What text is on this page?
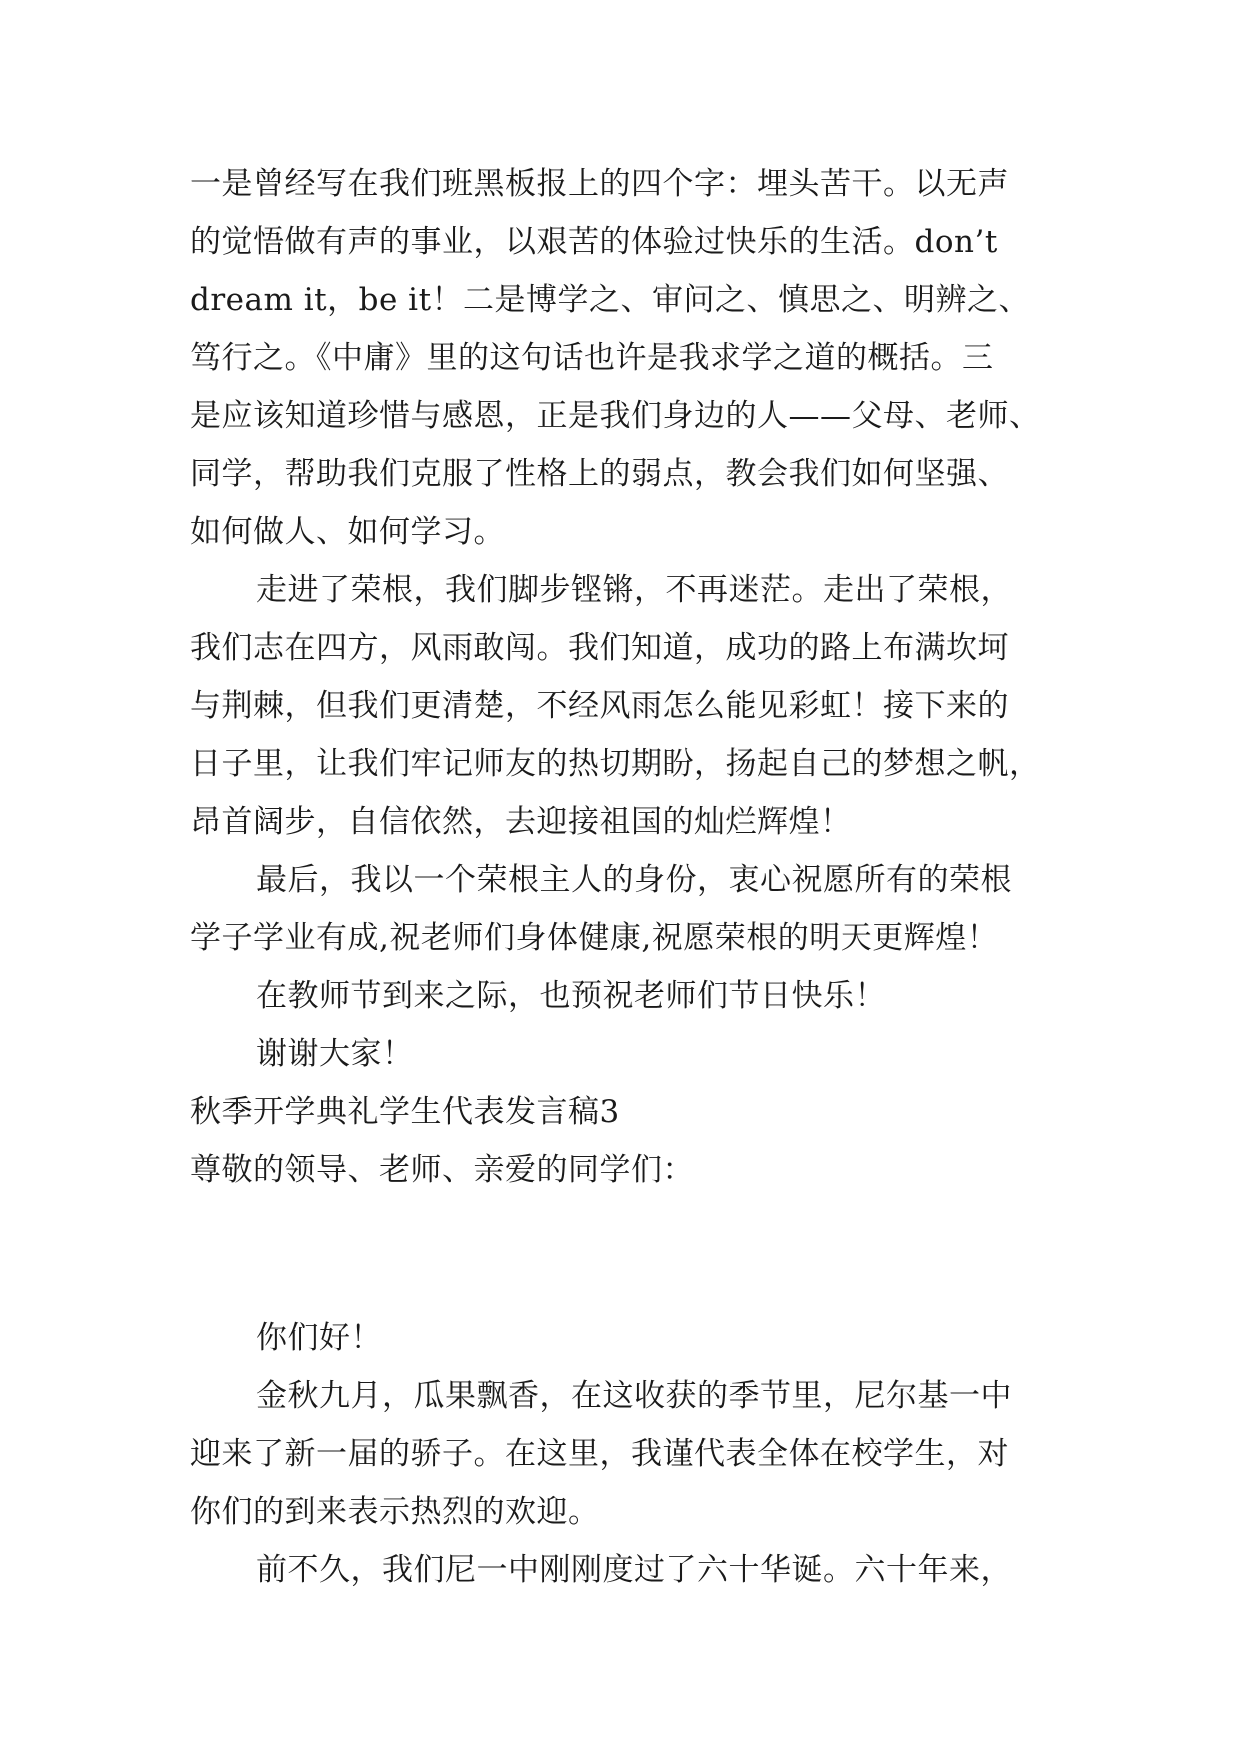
一是曾经写在我们班黑板报上的四个字：埋头苦干。以无声
的觉悟做有声的事业，以艰苦的体验过快乐的生活。don’t
dream it，be it！二是博学之、审问之、慎思之、明辨之、
笃行之。《中庸》里的这句话也许是我求学之道的概括。三
是应该知道珍惜与感恩，正是我们身边的人——父母、老师、
同学，帮助我们克服了性格上的弱点，教会我们如何坚强、
如何做人、如何学习。
走进了荣根，我们脚步铿锵，不再迷茫。走出了荣根，
我们志在四方，风雨敢闯。我们知道，成功的路上布满坎坷
与荆棘，但我们更清楚，不经风雨怎么能见彩虹！接下来的
日子里，让我们牢记师友的热切期盼，扬起自己的梦想之帆，
昂首阔步，自信依然，去迎接祖国的灿烂辉煌！
最后，我以一个荣根主人的身份，衷心祝愿所有的荣根
学子学业有成,祝老师们身体健康,祝愿荣根的明天更辉煌！
在教师节到来之际，也预祝老师们节日快乐！
谢谢大家！
秋季开学典礼学生代表发言稿3
尊敬的领导、老师、亲爱的同学们：
你们好！
金秋九月，瓜果飘香，在这收获的季节里，尼尔基一中
迎来了新一届的骄子。在这里，我谨代表全体在校学生，对
你们的到来表示热烈的欢迎。
前不久，我们尼一中刚刚度过了六十华诞。六十年来，
